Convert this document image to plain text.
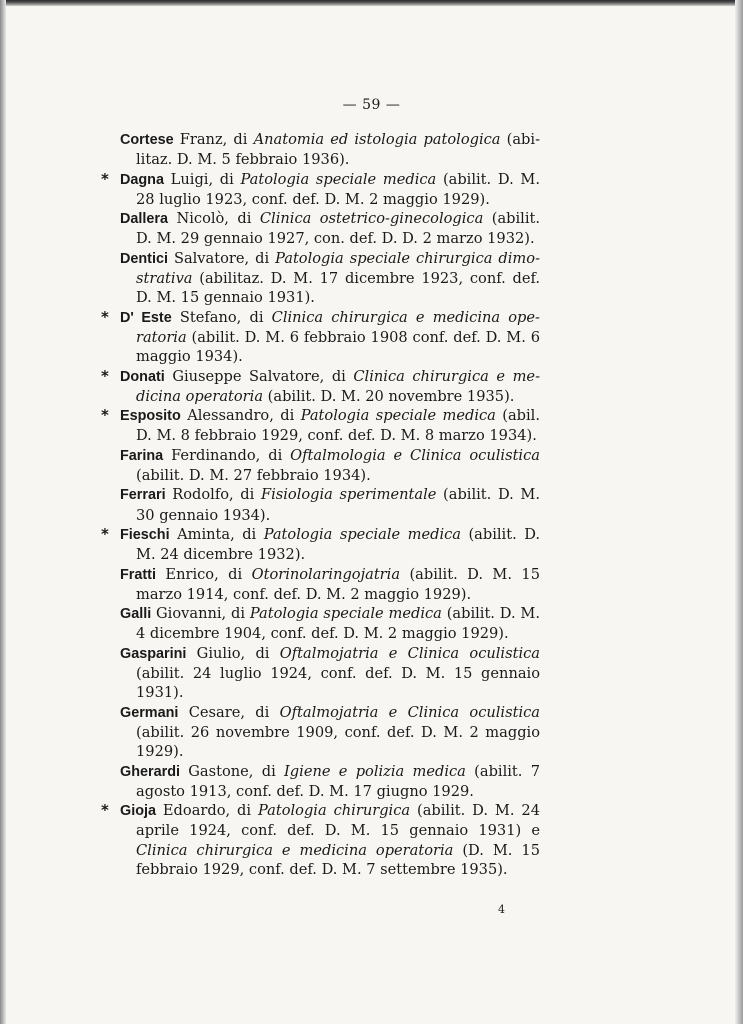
— 59 —

Cortese Franz, di Anatomia ed istologia patologica (abilitaz. D. M. 5 febbraio 1936).

* Dagna Luigi, di Patologia speciale medica (abilit. D. M. 28 luglio 1923, conf. def. D. M. 2 maggio 1929).

Dallera Nicolò, di Clinica ostetrico-ginecologica (abilit. D. M. 29 gennaio 1927, con. def. D. D. 2 marzo 1932).

Dentici Salvatore, di Patologia speciale chirurgica dimostrativa (abilitaz. D. M. 17 dicembre 1923, conf. def. D. M. 15 gennaio 1931).

* D' Este Stefano, di Clinica chirurgica e medicina operatoria (abilit. D. M. 6 febbraio 1908 conf. def. D. M. 6 maggio 1934).

* Donati Giuseppe Salvatore, di Clinica chirurgica e medicina operatoria (abilit. D. M. 20 novembre 1935).

* Esposito Alessandro, di Patologia speciale medica (abil. D. M. 8 febbraio 1929, conf. def. D. M. 8 marzo 1934).

Farina Ferdinando, di Oftalmologia e Clinica oculistica (abilit. D. M. 27 febbraio 1934).

Ferrari Rodolfo, di Fisiologia sperimentale (abilit. D. M. 30 gennaio 1934).

* Fieschi Aminta, di Patologia speciale medica (abilit. D. M. 24 dicembre 1932).

Fratti Enrico, di Otorinolaringojatria (abilit. D. M. 15 marzo 1914, conf. def. D. M. 2 maggio 1929).

Galli Giovanni, di Patologia speciale medica (abilit. D. M. 4 dicembre 1904, conf. def. D. M. 2 maggio 1929).

Gasparini Giulio, di Oftalmojatria e Clinica oculistica (abilit. 24 luglio 1924, conf. def. D. M. 15 gennaio 1931).

Germani Cesare, di Oftalmojatria e Clinica oculistica (abilit. 26 novembre 1909, conf. def. D. M. 2 maggio 1929).

Gherardi Gastone, di Igiene e polizia medica (abilit. 7 agosto 1913, conf. def. D. M. 17 giugno 1929.

* Gioja Edoardo, di Patologia chirurgica (abilit. D. M. 24 aprile 1924, conf. def. D. M. 15 gennaio 1931) e Clinica chirurgica e medicina operatoria (D. M. 15 febbraio 1929, conf. def. D. M. 7 settembre 1935).

4
